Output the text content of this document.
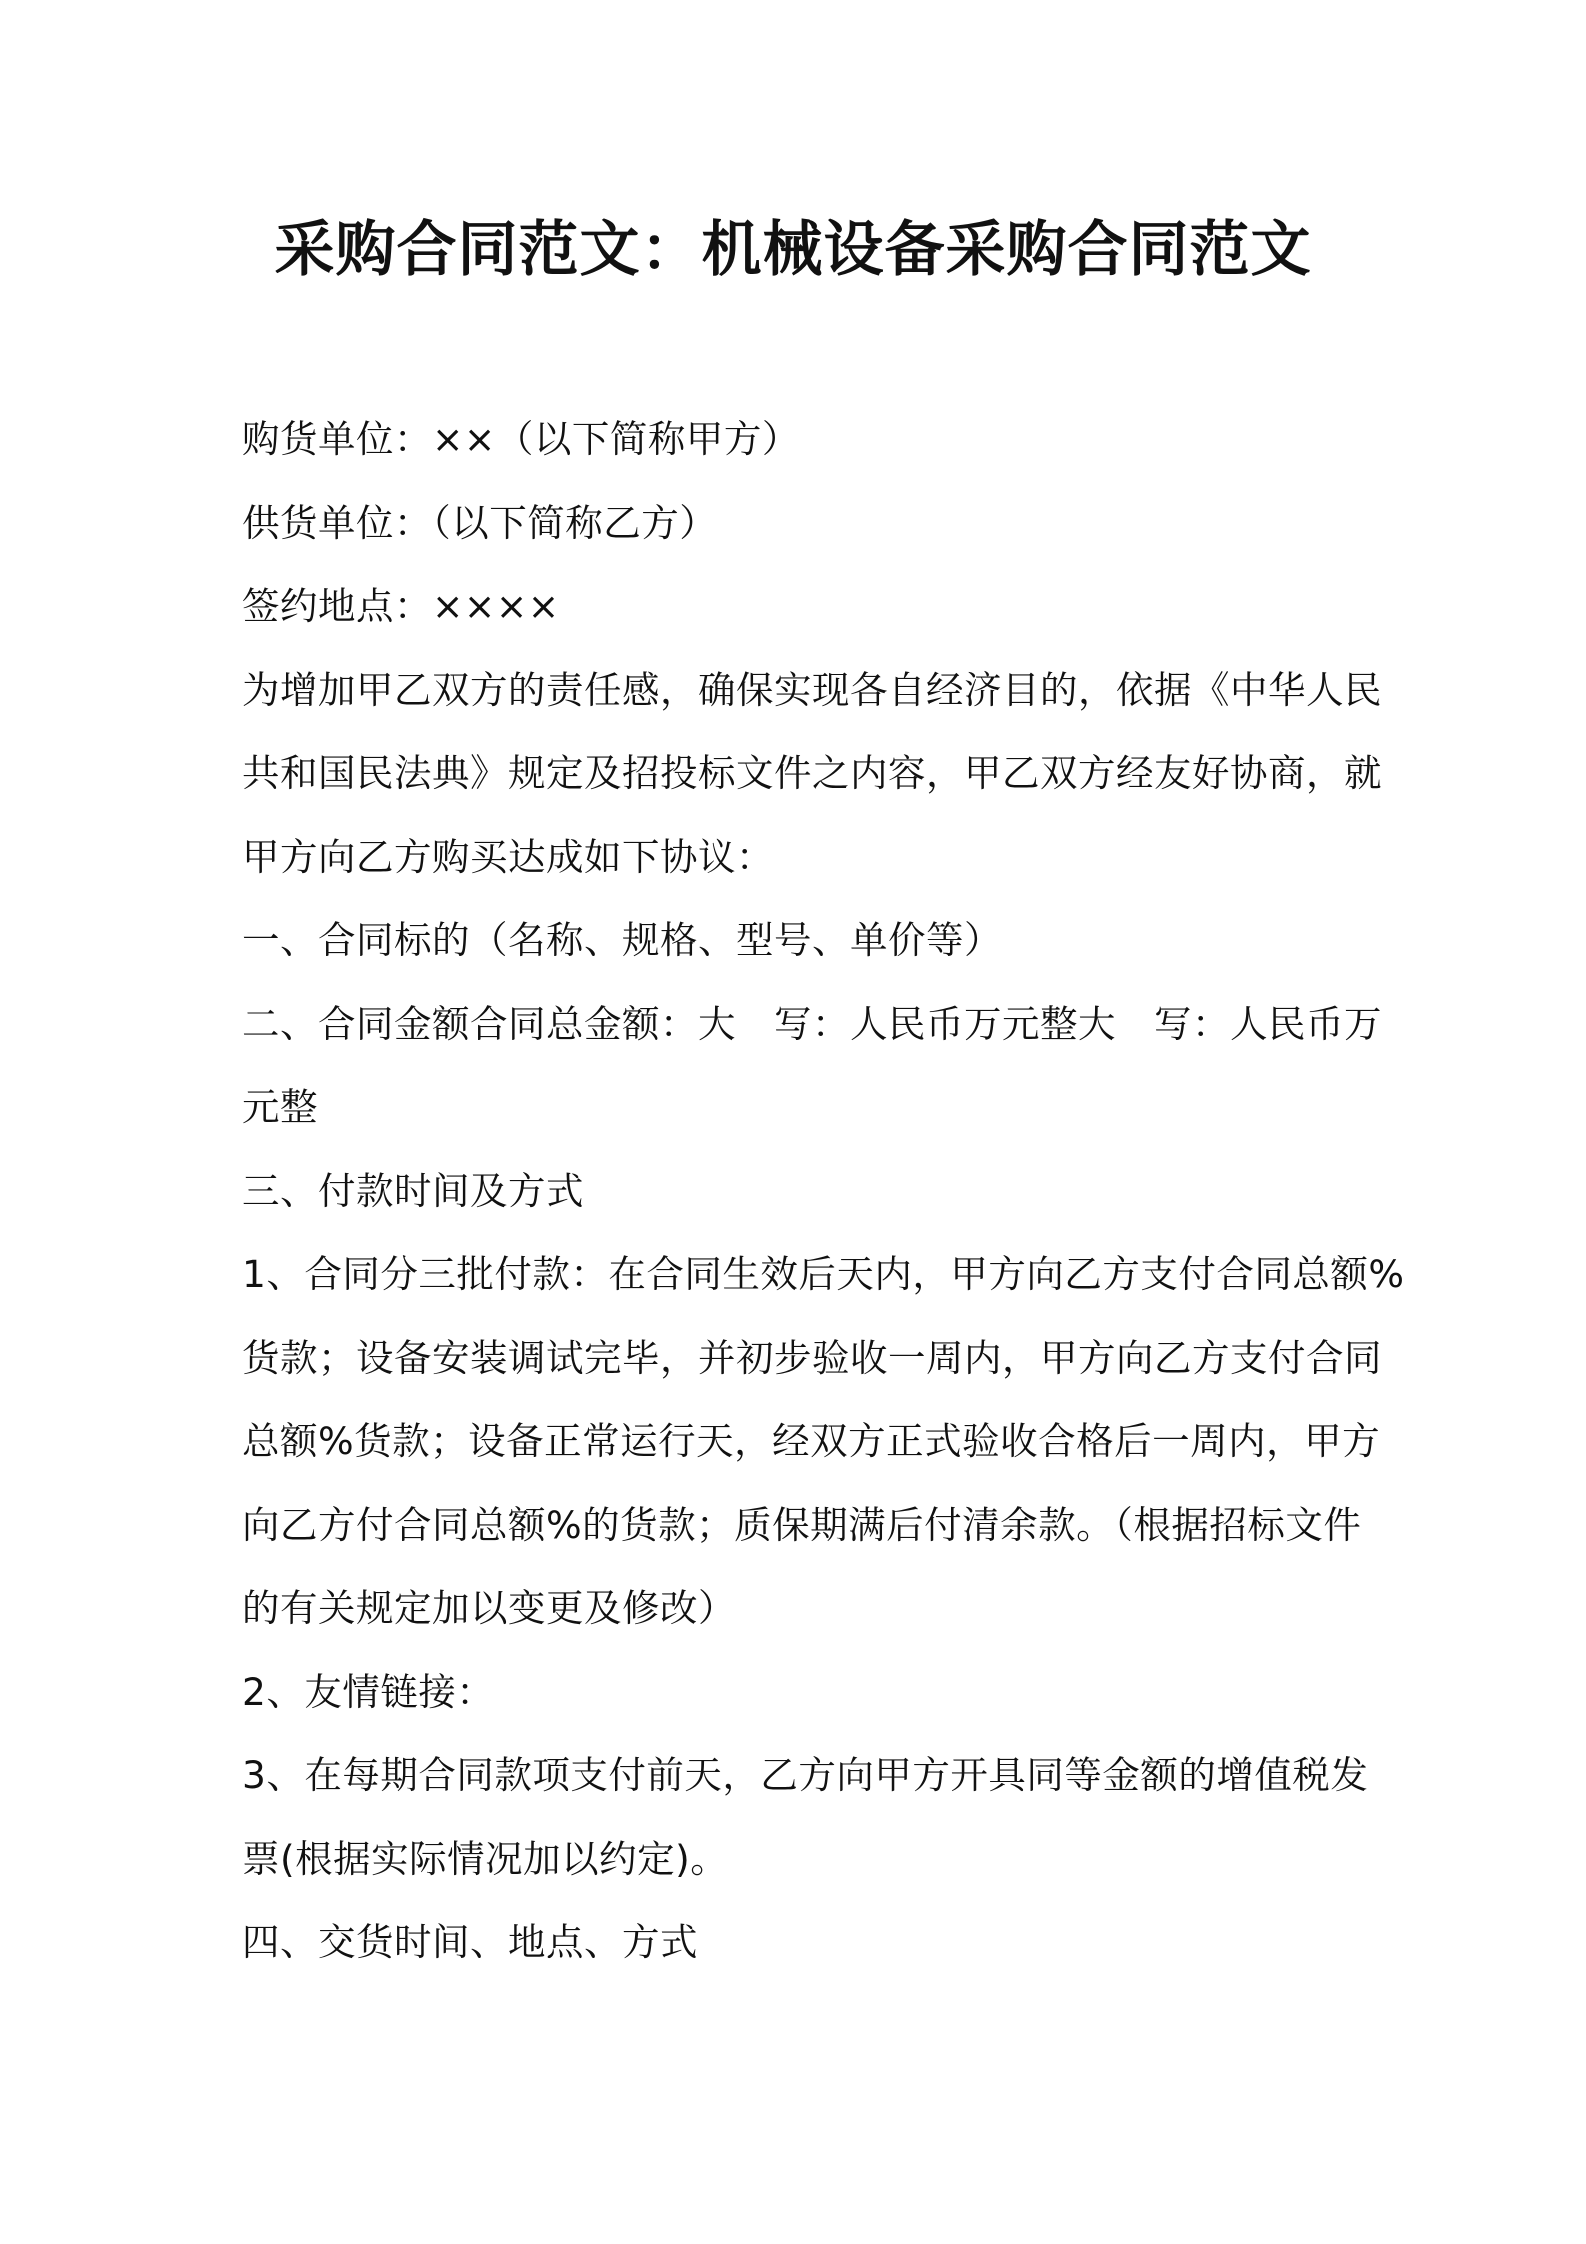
采购合同范文：机械设备采购合同范文

购货单位：××（以下简称甲方）

供货单位：（以下简称乙方）

签约地点：××××

为增加甲乙双方的责任感，确保实现各自经济目的，依据《中华人民

共和国民法典》规定及招投标文件之内容，甲乙双方经友好协商，就

甲方向乙方购买达成如下协议：

一、合同标的（名称、规格、型号、单价等）

二、合同金额合同总金额：大　写：人民币万元整大　写：人民币万

元整

三、付款时间及方式

1、合同分三批付款：在合同生效后天内，甲方向乙方支付合同总额%

货款；设备安装调试完毕，并初步验收一周内，甲方向乙方支付合同

总额%货款；设备正常运行天，经双方正式验收合格后一周内，甲方

向乙方付合同总额%的货款；质保期满后付清余款。（根据招标文件

的有关规定加以变更及修改）

2、友情链接：

3、在每期合同款项支付前天，乙方向甲方开具同等金额的增值税发

票(根据实际情况加以约定)。

四、交货时间、地点、方式
